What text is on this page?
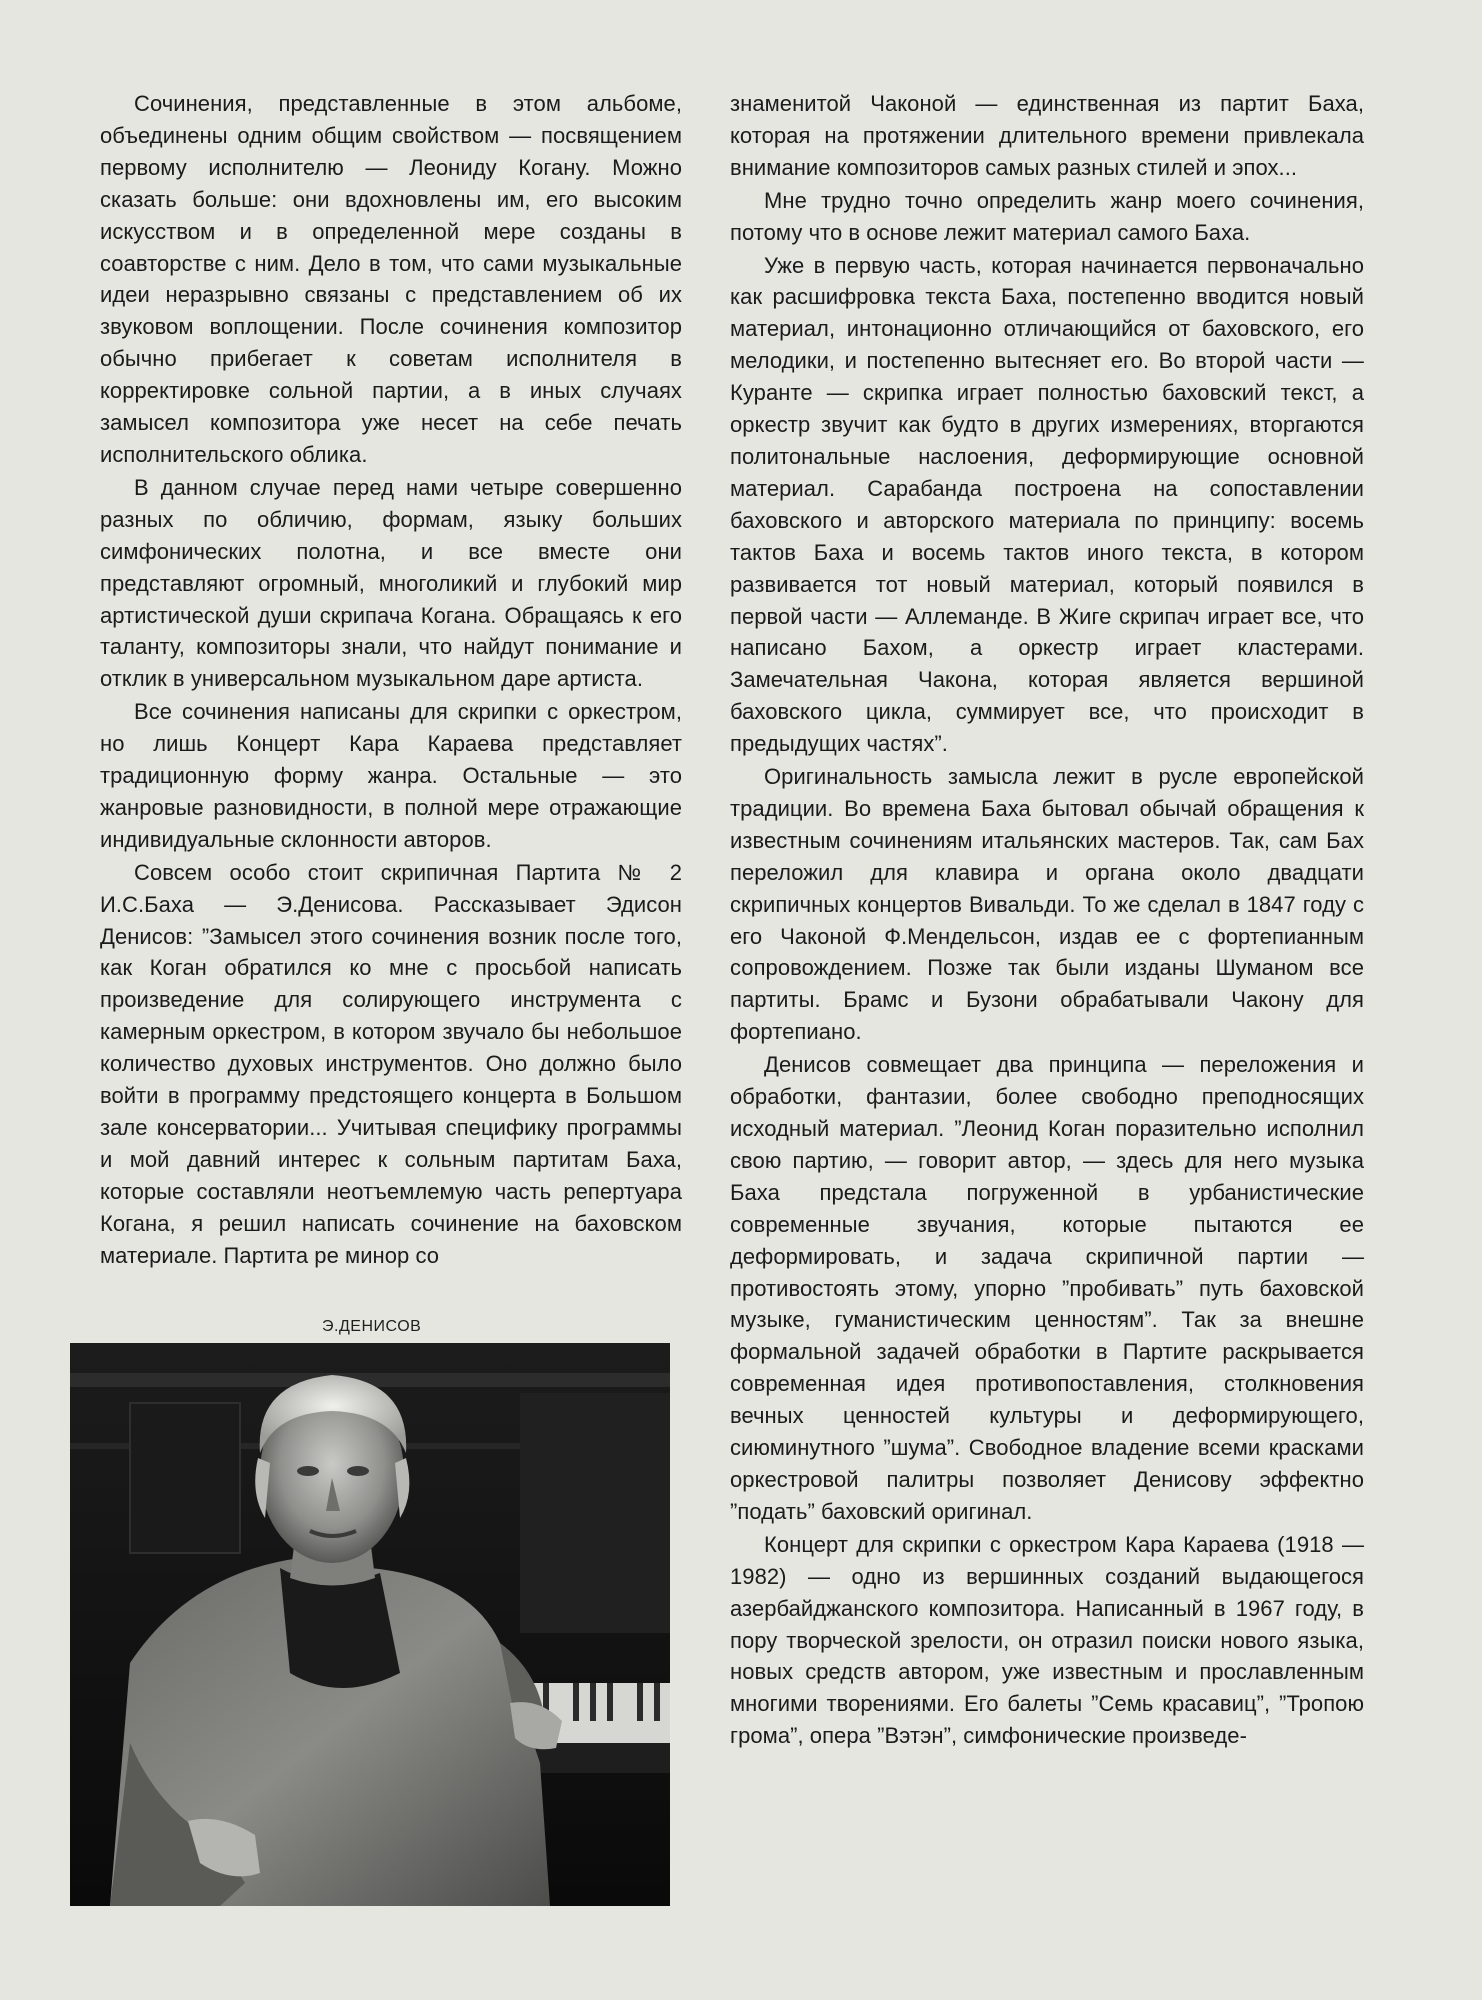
Сочинения, представленные в этом альбоме, объединены одним общим свойством — посвящением первому исполнителю — Леониду Когану. Можно сказать больше: они вдохновлены им, его высоким искусством и в определенной мере созданы в соавторстве с ним. Дело в том, что сами музыкальные идеи неразрывно связаны с представлением об их звуковом воплощении. После сочинения композитор обычно прибегает к советам исполнителя в корректировке сольной партии, а в иных случаях замысел композитора уже несет на себе печать исполнительского облика.

В данном случае перед нами четыре совершенно разных по обличию, формам, языку больших симфонических полотна, и все вместе они представляют огромный, многоликий и глубокий мир артистической души скрипача Когана. Обращаясь к его таланту, композиторы знали, что найдут понимание и отклик в универсальном музыкальном даре артиста.

Все сочинения написаны для скрипки с оркестром, но лишь Концерт Кара Караева представляет традиционную форму жанра. Остальные — это жанровые разновидности, в полной мере отражающие индивидуальные склонности авторов.

Совсем особо стоит скрипичная Партита № 2 И.С.Баха — Э.Денисова. Рассказывает Эдисон Денисов: ”Замысел этого сочинения возник после того, как Коган обратился ко мне с просьбой написать произведение для солирующего инструмента с камерным оркестром, в котором звучало бы небольшое количество духовых инструментов. Оно должно было войти в программу предстоящего концерта в Большом зале консерватории... Учитывая специфику программы и мой давний интерес к сольным партитам Баха, которые составляли неотъемлемую часть репертуара Когана, я решил написать сочинение на баховском материале. Партита ре минор со

знаменитой Чаконой — единственная из партит Баха, которая на протяжении длительного времени привлекала внимание композиторов самых разных стилей и эпох...

Мне трудно точно определить жанр моего сочинения, потому что в основе лежит материал самого Баха.

Уже в первую часть, которая начинается первоначально как расшифровка текста Баха, постепенно вводится новый материал, интонационно отличающийся от баховского, его мелодики, и постепенно вытесняет его. Во второй части — Куранте — скрипка играет полностью баховский текст, а оркестр звучит как будто в других измерениях, вторгаются политональные наслоения, деформирующие основной материал. Сарабанда построена на сопоставлении баховского и авторского материала по принципу: восемь тактов Баха и восемь тактов иного текста, в котором развивается тот новый материал, который появился в первой части — Аллеманде. В Жиге скрипач играет все, что написано Бахом, а оркестр играет кластерами. Замечательная Чакона, которая является вершиной баховского цикла, суммирует все, что происходит в предыдущих частях”.

Оригинальность замысла лежит в русле европейской традиции. Во времена Баха бытовал обычай обращения к известным сочинениям итальянских мастеров. Так, сам Бах переложил для клавира и органа около двадцати скрипичных концертов Вивальди. То же сделал в 1847 году с его Чаконой Ф.Мендельсон, издав ее с фортепианным сопровождением. Позже так были изданы Шуманом все партиты. Брамс и Бузони обрабатывали Чакону для фортепиано.

Денисов совмещает два принципа — переложения и обработки, фантазии, более свободно преподносящих исходный материал. ”Леонид Коган поразительно исполнил свою партию, — говорит автор, — здесь для него музыка Баха предстала погруженной в урбанистические современные звучания, которые пытаются ее деформировать, и задача скрипичной партии — противостоять этому, упорно ”пробивать” путь баховской музыке, гуманистическим ценностям”. Так за внешне формальной задачей обработки в Партите раскрывается современная идея противопоставления, столкновения вечных ценностей культуры и деформирующего, сиюминутного ”шума”. Свободное владение всеми красками оркестровой палитры позволяет Денисову эффектно ”подать” баховский оригинал.

Концерт для скрипки с оркестром Кара Караева (1918 — 1982) — одно из вершинных созданий выдающегося азербайджанского композитора. Написанный в 1967 году, в пору творческой зрелости, он отразил поиски нового языка, новых средств автором, уже известным и прославленным многими творениями. Его балеты ”Семь красавиц”, ”Тропою грома”, опера ”Вэтэн”, симфонические произведе-

Э.ДЕНИСОВ
